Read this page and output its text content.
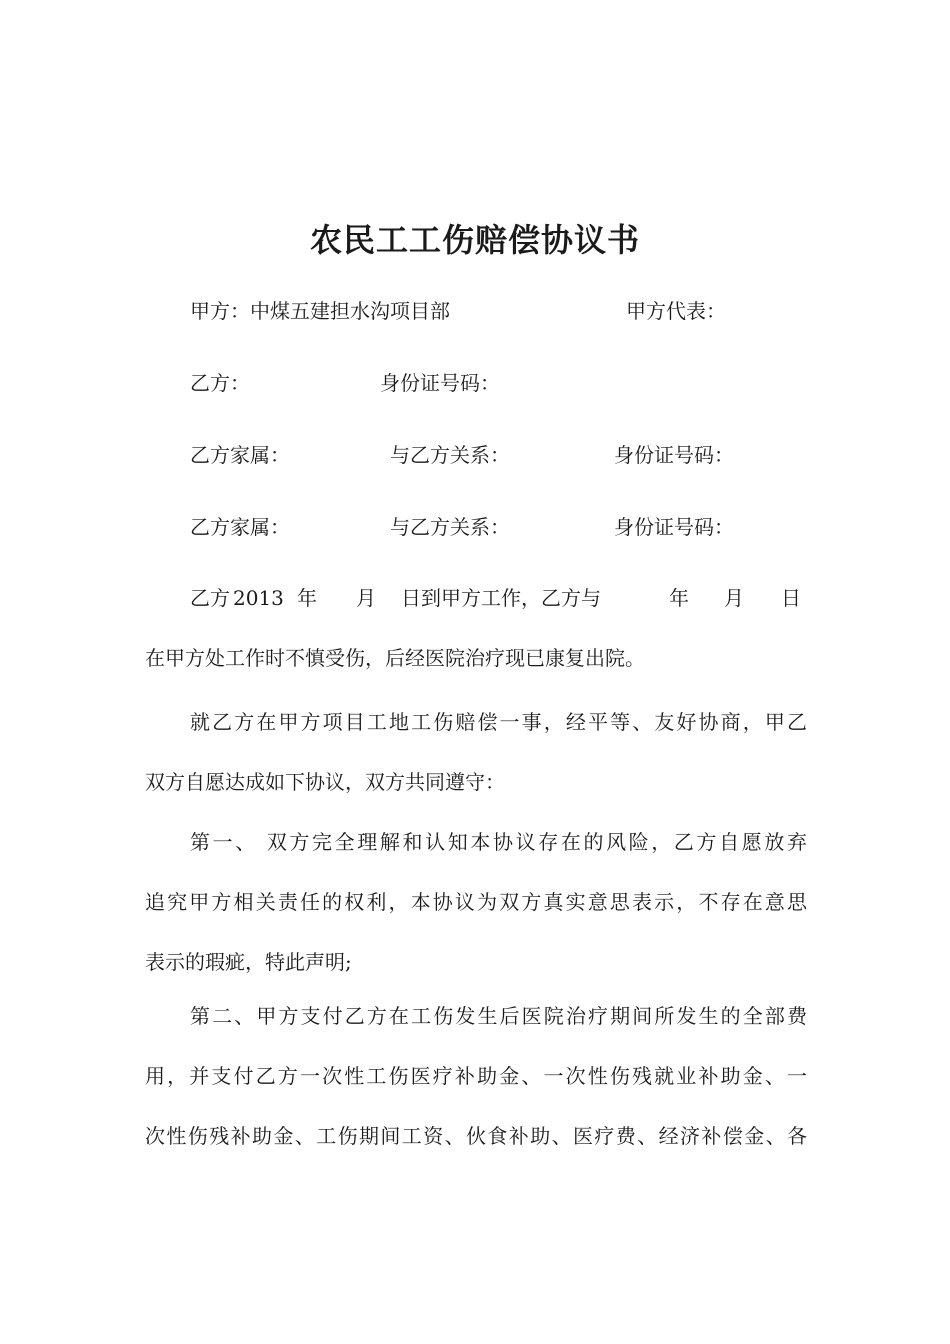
农民工工伤赔偿协议书
甲方：中煤五建担水沟项目部	甲方代表：
乙方：	身份证号码：
乙方家属：	与乙方关系：	身份证号码：
乙方家属：	与乙方关系：	身份证号码：
乙方 2013 年 月 日到甲方工作，乙方与	年 月 日
在甲方处工作时不慎受伤，后经医院治疗现已康复出院。
就乙方在甲方项目工地工伤赔偿一事，经平等、友好协商，甲乙
双方自愿达成如下协议，双方共同遵守：
第一、 双方完全理解和认知本协议存在的风险，乙方自愿放弃
追究甲方相关责任的权利，本协议为双方真实意思表示，不存在意思
表示的瑕疵，特此声明;
第二、甲方支付乙方在工伤发生后医院治疗期间所发生的全部费
用，并支付乙方一次性工伤医疗补助金、一次性伤残就业补助金、一
次性伤残补助金、工伤期间工资、伙食补助、医疗费、经济补偿金、各
